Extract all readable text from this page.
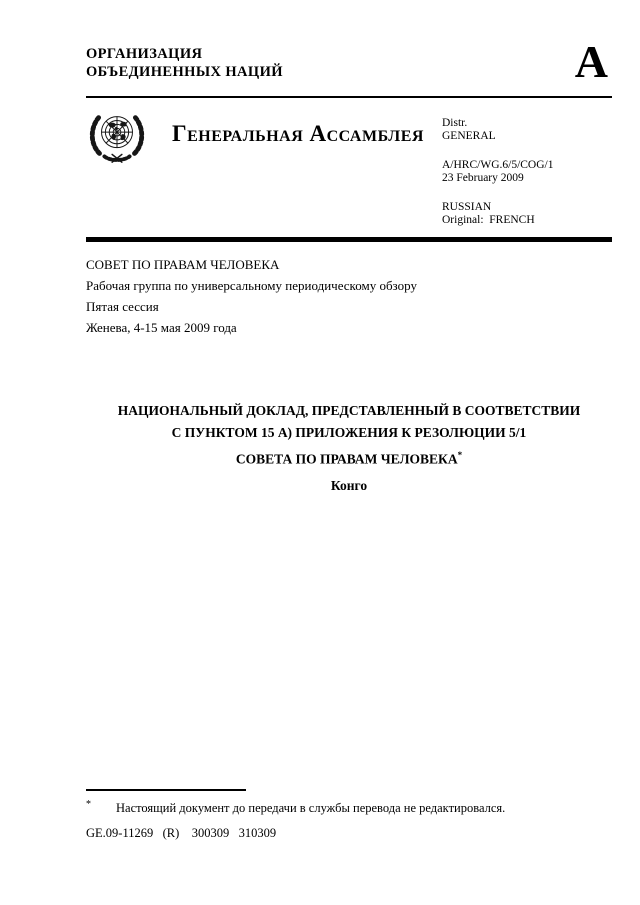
ОРГАНИЗАЦИЯ
ОБЪЕДИНЕННЫХ НАЦИЙ	A
Генеральная Ассамблея	Distr.
GENERAL
A/HRC/WG.6/5/COG/1
23 February 2009
RUSSIAN
Original:  FRENCH
СОВЕТ ПО ПРАВАМ ЧЕЛОВЕКА
Рабочая группа по универсальному периодическому обзору
Пятая сессия
Женева, 4-15 мая 2009 года
НАЦИОНАЛЬНЫЙ ДОКЛАД, ПРЕДСТАВЛЕННЫЙ В СООТВЕТСТВИИ
С ПУНКТОМ 15 А) ПРИЛОЖЕНИЯ К РЕЗОЛЮЦИИ 5/1
СОВЕТА ПО ПРАВАМ ЧЕЛОВЕКА*
Конго
* Настоящий документ до передачи в службы перевода не редактировался.
GE.09-11269   (R)    300309   310309
